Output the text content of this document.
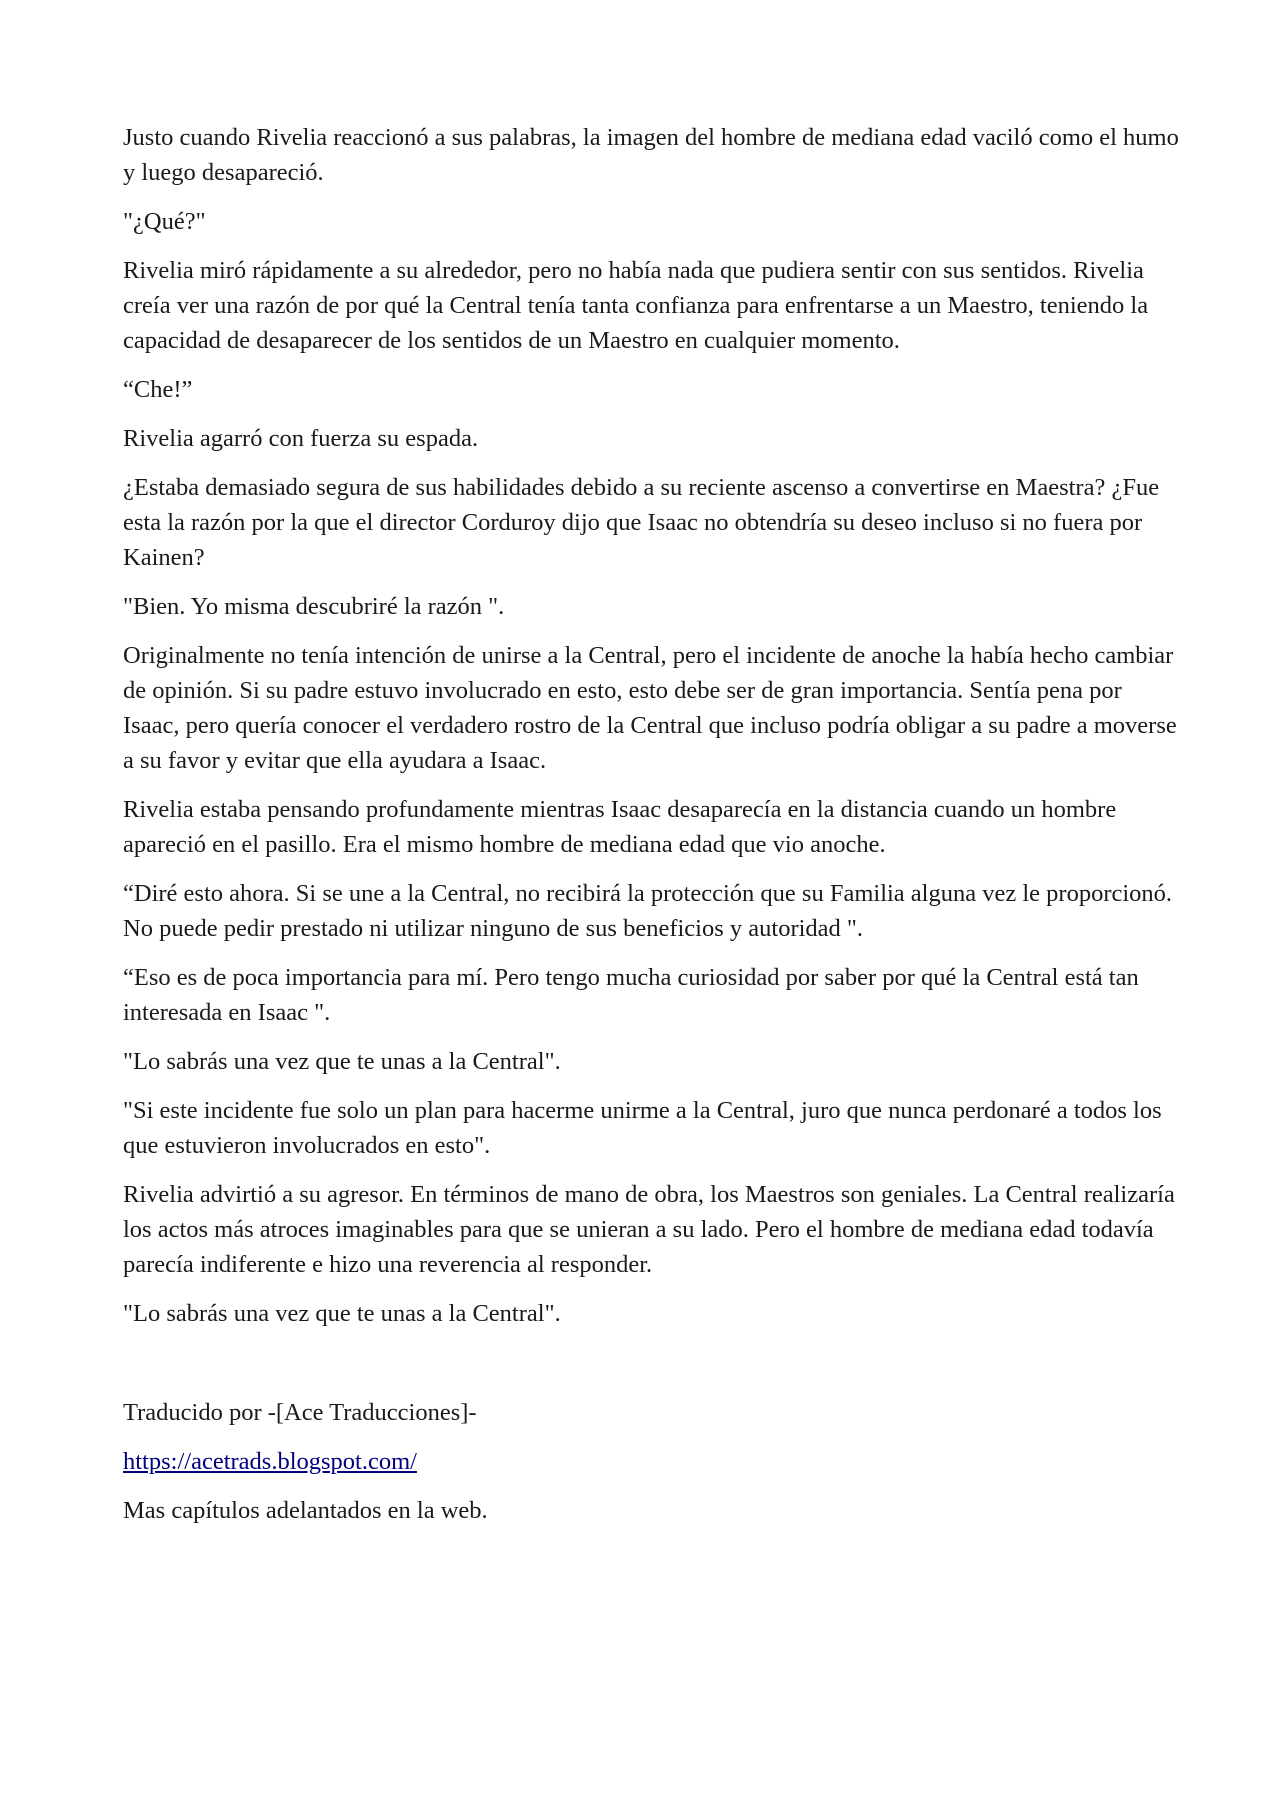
Justo cuando Rivelia reaccionó a sus palabras, la imagen del hombre de mediana edad vaciló como el humo y luego desapareció.

"¿Qué?"

Rivelia miró rápidamente a su alrededor, pero no había nada que pudiera sentir con sus sentidos. Rivelia creía ver una razón de por qué la Central tenía tanta confianza para enfrentarse a un Maestro, teniendo la capacidad de desaparecer de los sentidos de un Maestro en cualquier momento.

“Che!”

Rivelia agarró con fuerza su espada.

¿Estaba demasiado segura de sus habilidades debido a su reciente ascenso a convertirse en Maestra? ¿Fue esta la razón por la que el director Corduroy dijo que Isaac no obtendría su deseo incluso si no fuera por Kainen?

"Bien. Yo misma descubriré la razón ".

Originalmente no tenía intención de unirse a la Central, pero el incidente de anoche la había hecho cambiar de opinión. Si su padre estuvo involucrado en esto, esto debe ser de gran importancia. Sentía pena por Isaac, pero quería conocer el verdadero rostro de la Central que incluso podría obligar a su padre a moverse a su favor y evitar que ella ayudara a Isaac.

Rivelia estaba pensando profundamente mientras Isaac desaparecía en la distancia cuando un hombre apareció en el pasillo. Era el mismo hombre de mediana edad que vio anoche.

“Diré esto ahora. Si se une a la Central, no recibirá la protección que su Familia alguna vez le proporcionó. No puede pedir prestado ni utilizar ninguno de sus beneficios y autoridad ".

“Eso es de poca importancia para mí. Pero tengo mucha curiosidad por saber por qué la Central está tan interesada en Isaac ".

"Lo sabrás una vez que te unas a la Central".

"Si este incidente fue solo un plan para hacerme unirme a la Central, juro que nunca perdonaré a todos los que estuvieron involucrados en esto".

Rivelia advirtió a su agresor. En términos de mano de obra, los Maestros son geniales. La Central realizaría los actos más atroces imaginables para que se unieran a su lado. Pero el hombre de mediana edad todavía parecía indiferente e hizo una reverencia al responder.

"Lo sabrás una vez que te unas a la Central".

Traducido por -[Ace Traducciones]-

https://acetrads.blogspot.com/

Mas capítulos adelantados en la web.
